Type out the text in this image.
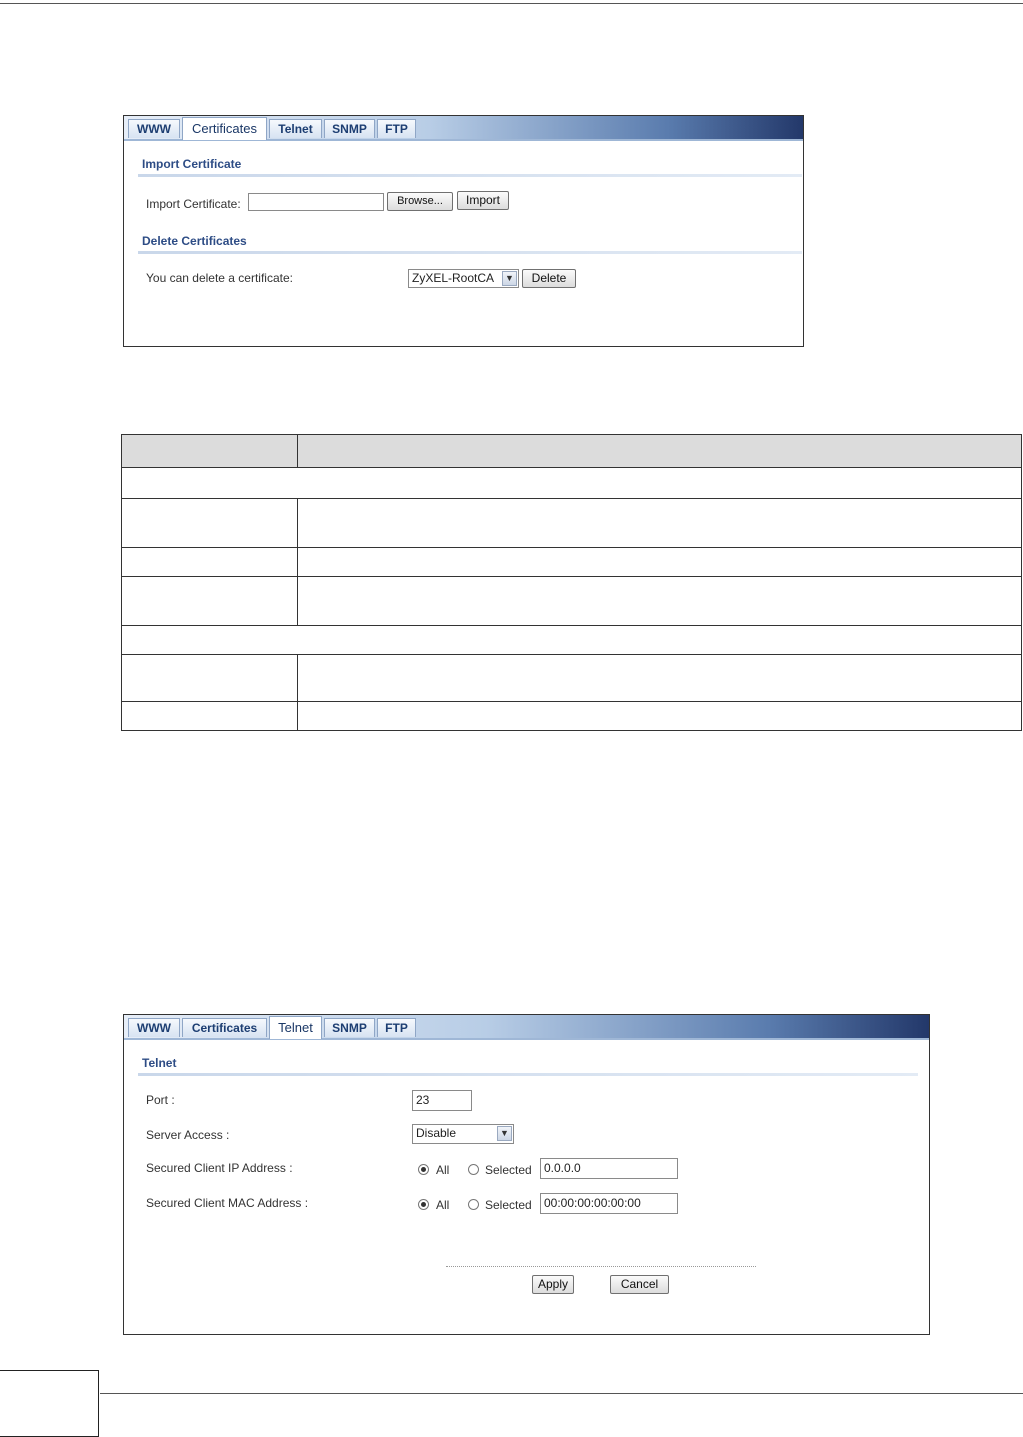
WWW	Certificates	Telnet	SNMP	FTP
Import Certificate
Import Certificate:	Browse...	Import
Delete Certificates
You can delete a certificate:	ZyXEL-RootCA	▼	Delete

WWW	Certificates	Telnet	SNMP	FTP
Telnet
Port :	23
Server Access :	Disable	▼
Secured Client IP Address :	All	Selected	0.0.0.0
Secured Client MAC Address :	All	Selected	00:00:00:00:00:00
Apply	Cancel
